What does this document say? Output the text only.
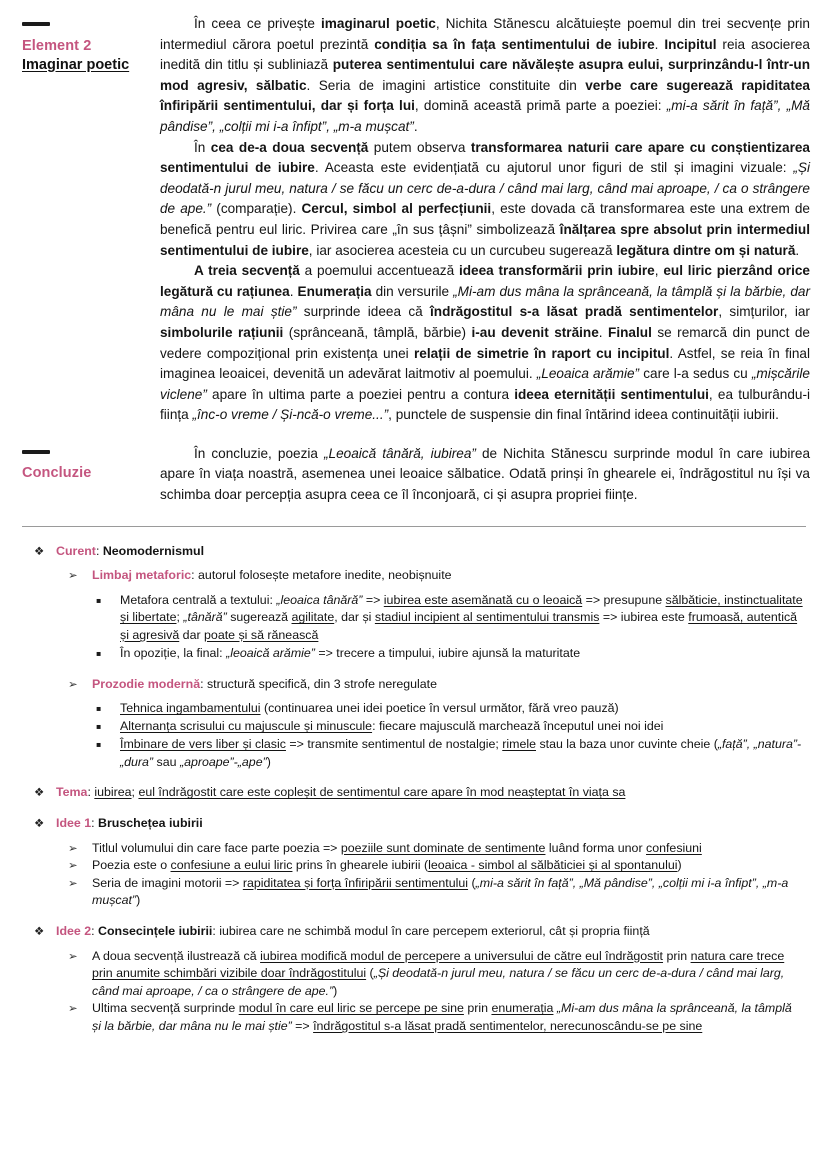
Element 2
Imaginar poetic

În ceea ce privește imaginarul poetic, Nichita Stănescu alcătuiește poemul din trei secvențe prin intermediul cărora poetul prezintă condiția sa în fața sentimentului de iubire. Incipitul reia asocierea inedită din titlu și subliniază puterea sentimentului care năvălește asupra eului, surprinzându-l într-un mod agresiv, sălbatic. Seria de imagini artistice constituite din verbe care sugerează rapiditatea înfiripării sentimentului, dar și forța lui, domină această primă parte a poeziei: „mi-a sărit în față”, „Mă pândise”, „colții mi i-a înfipt”, „m-a mușcat”.

În cea de-a doua secvență putem observa transformarea naturii care apare cu conștientizarea sentimentului de iubire. Aceasta este evidențiată cu ajutorul unor figuri de stil și imagini vizuale: „Și deodată-n jurul meu, natura / se făcu un cerc de-a-dura / când mai larg, când mai aproape, / ca o strângere de ape.” (comparație). Cercul, simbol al perfecțiunii, este dovada că transformarea este una extrem de benefică pentru eul liric. Privirea care „în sus țâșni” simbolizează înălțarea spre absolut prin intermediul sentimentului de iubire, iar asocierea acesteia cu un curcubeu sugerează legătura dintre om și natură.

A treia secvență a poemului accentuează ideea transformării prin iubire, eul liric pierzând orice legătură cu rațiunea. Enumerația din versurile „Mi-am dus mâna la sprânceană, la tâmplă și la bărbie, dar mâna nu le mai știe” surprinde ideea că îndrăgostitul s-a lăsat pradă sentimentelor, simțurilor, iar simbolurile rațiunii (sprânceană, tâmplă, bărbie) i-au devenit străine. Finalul se remarcă din punct de vedere compozițional prin existența unei relații de simetrie în raport cu incipitul. Astfel, se reia în final imaginea leoaicei, devenită un adevărat laitmotiv al poemului. „Leoaica arămie” care l-a sedus cu „mișcările viclene” apare în ultima parte a poeziei pentru a contura ideea eternității sentimentului, ea tulburându-i ființa „înc-o vreme / Și-ncă-o vreme...”, punctele de suspensie din final întărind ideea continuității iubirii.

Concluzie

În concluzie, poezia „Leoaică tânără, iubirea” de Nichita Stănescu surprinde modul în care iubirea apare în viața noastră, asemenea unei leoaice sălbatice. Odată prinși în ghearele ei, îndrăgostitul nu își va schimba doar percepția asupra ceea ce îl înconjoară, ci și asupra propriei ființe.

❖ Curent: Neomodernismul
➢	Limbaj metaforic: autorul folosește metafore inedite, neobișnuite
▪	Metafora centrală a textului: „leoaica tânără” => iubirea este asemănată cu o leoaică => presupune sălbăticie, instinctualitate și libertate; „tânără” sugerează agilitate, dar și stadiul incipient al sentimentului transmis => iubirea este frumoasă, autentică și agresivă dar poate și să rănească
▪	În opoziție, la final: „leoaică arămie” => trecere a timpului, iubire ajunsă la maturitate
➢	Prozodie modernă: structură specifică, din 3 strofe neregulate
▪	Tehnica ingambamentului (continuarea unei idei poetice în versul următor, fără vreo pauză)
▪	Alternanța scrisului cu majuscule și minuscule: fiecare majusculă marchează începutul unei noi idei
▪	Îmbinare de vers liber și clasic => transmite sentimentul de nostalgie; rimele stau la baza unor cuvinte cheie („față”, „natura”-„dura” sau „aproape”-„ape”)
❖ Tema: iubirea; eul îndrăgostit care este copleșit de sentimentul care apare în mod neașteptat în viața sa
❖ Idee 1: Bruschețea iubirii
➢	Titlul volumului din care face parte poezia => poeziile sunt dominate de sentimente luând forma unor confesiuni
➢	Poezia este o confesiune a eului liric prins în ghearele iubirii (leoaica - simbol al sălbăticiei și al spontanului)
➢	Seria de imagini motorii => rapiditatea și forța înfiripării sentimentului („mi-a sărit în față”, „Mă pândise”, „colții mi i-a înfipt”, „m-a mușcat”)
❖ Idee 2: Consecințele iubirii: iubirea care ne schimbă modul în care percepem exteriorul, cât și propria ființă
➢	A doua secvență ilustrează că iubirea modifică modul de percepere a universului de către eul îndrăgostit prin natura care trece prin anumite schimbări vizibile doar îndrăgostitului („Și deodată-n jurul meu, natura / se făcu un cerc de-a-dura / când mai larg, când mai aproape, / ca o strângere de ape.”)
➢	Ultima secvență surprinde modul în care eul liric se percepe pe sine prin enumerația „Mi-am dus mâna la sprânceană, la tâmplă și la bărbie, dar mâna nu le mai știe” => îndrăgostitul s-a lăsat pradă sentimentelor, nerecunoscându-se pe sine
